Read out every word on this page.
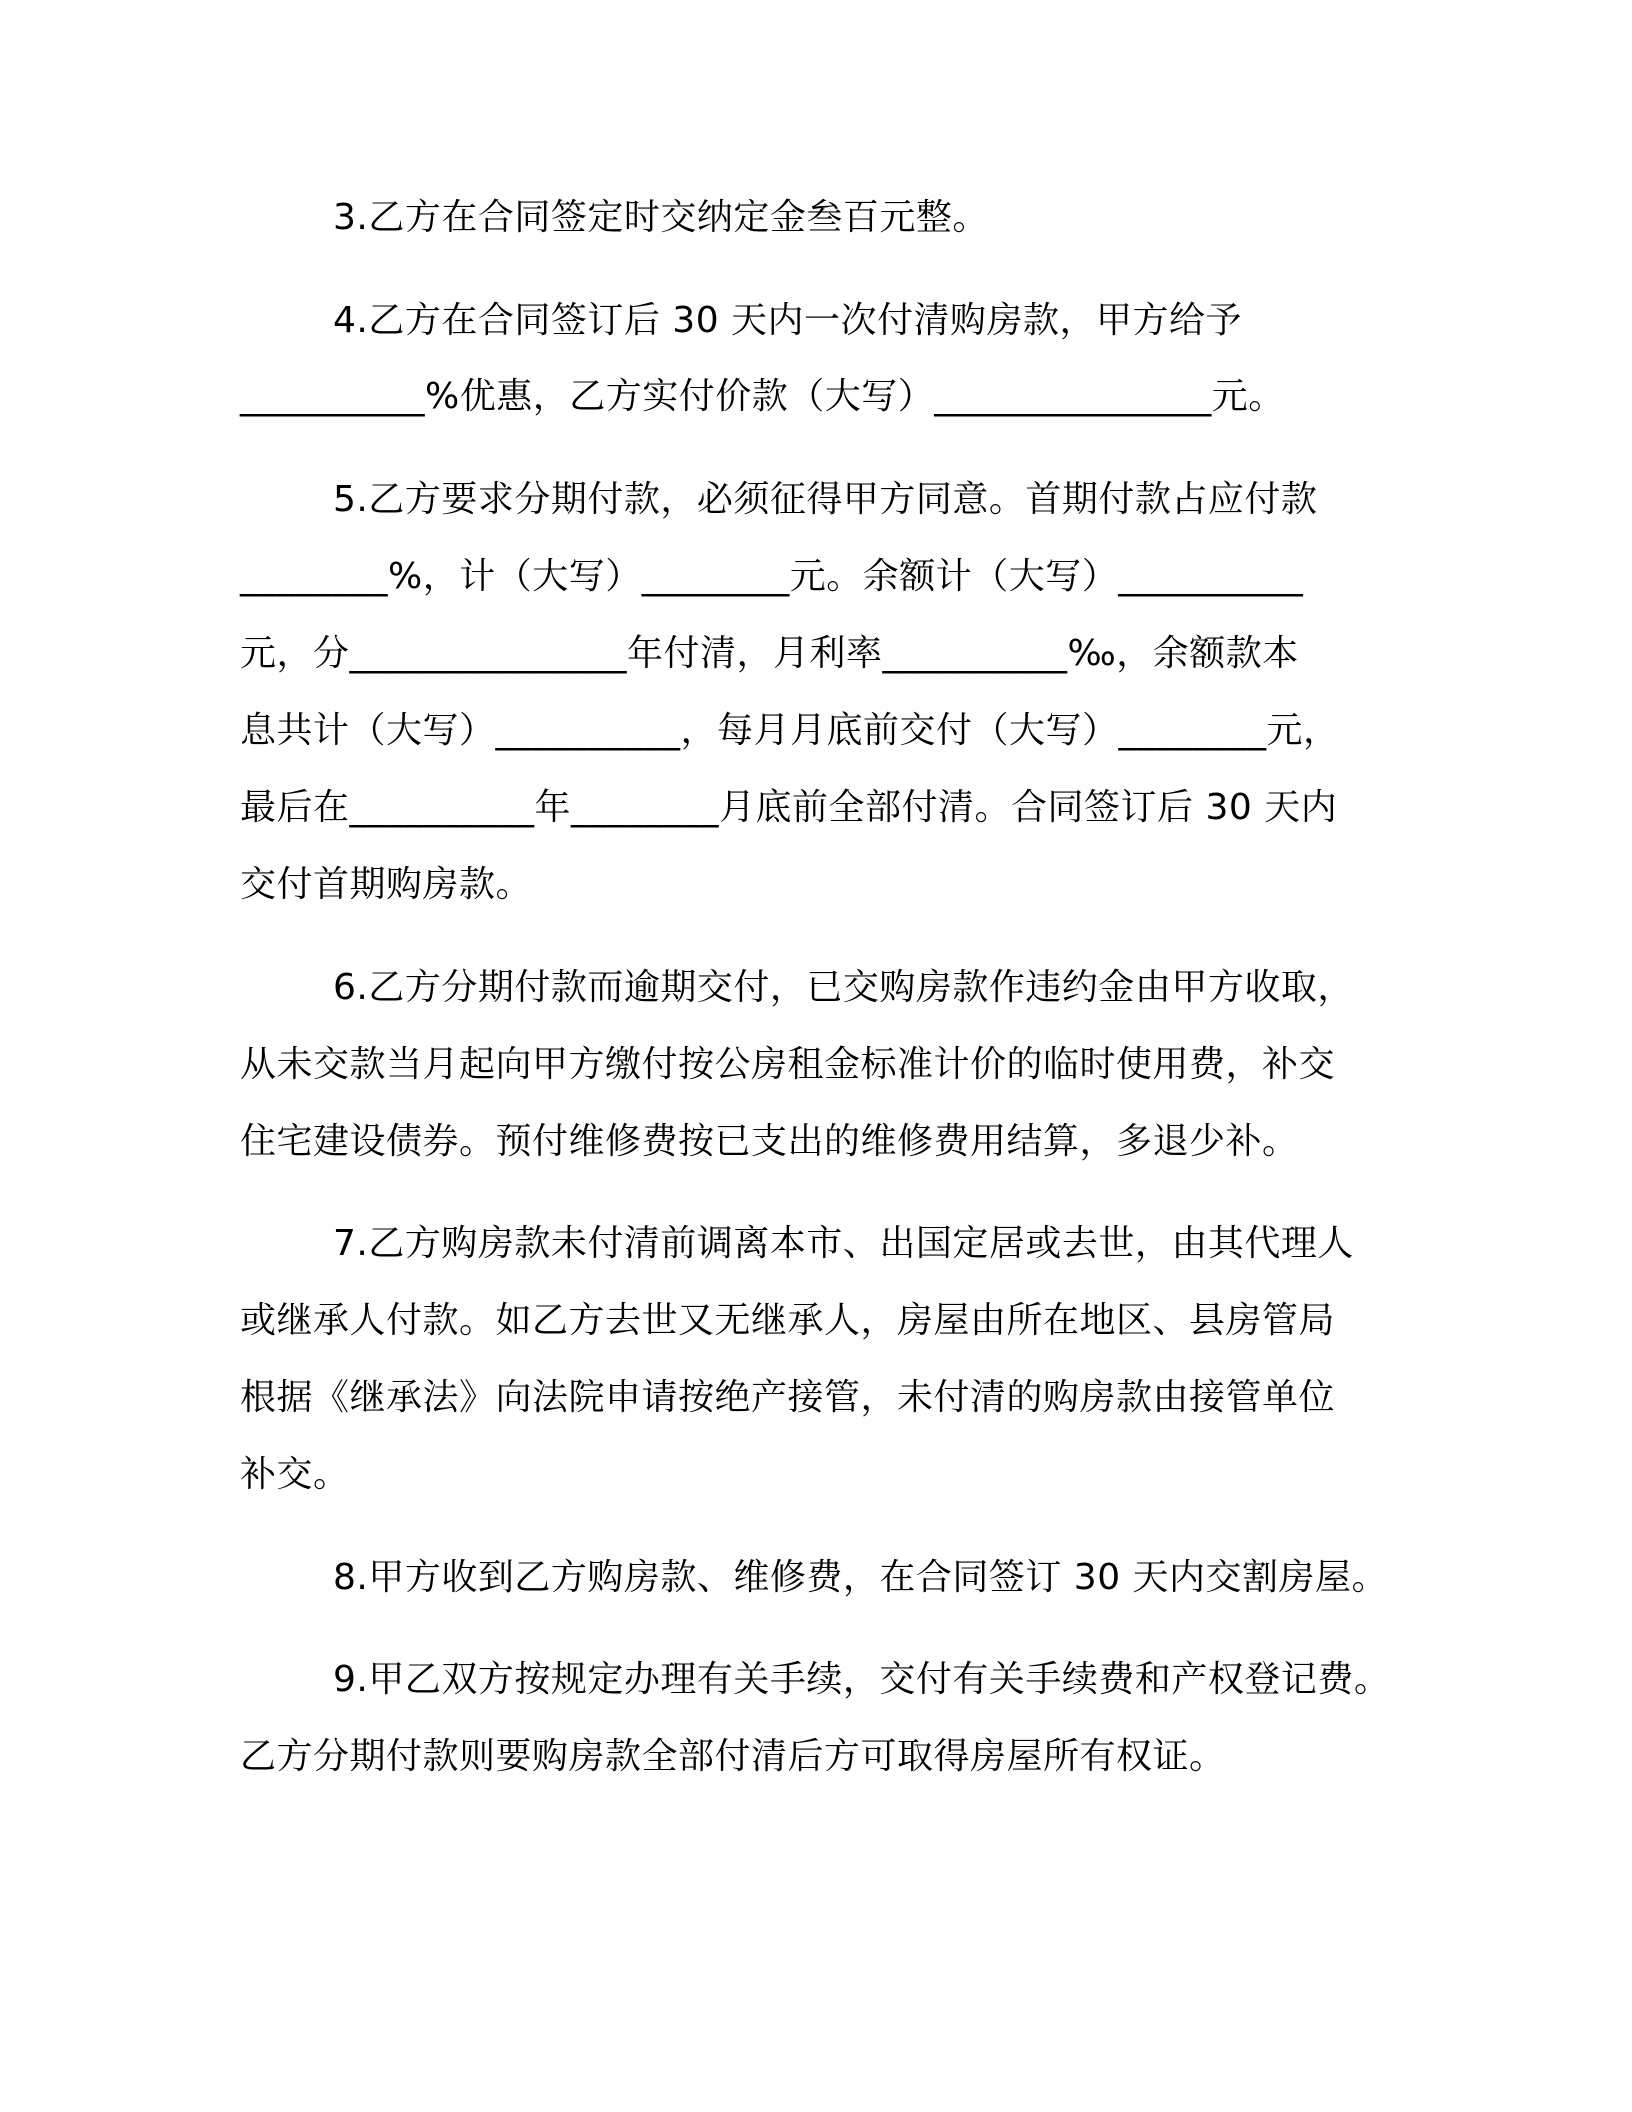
3.乙方在合同签定时交纳定金叁百元整。

4.乙方在合同签订后 30 天内一次付清购房款，甲方给予

__________%优惠，乙方实付价款（大写）_______________元。

5.乙方要求分期付款，必须征得甲方同意。首期付款占应付款

________%，计（大写）________元。余额计（大写）__________

元，分_______________年付清，月利率__________‰，余额款本

息共计（大写）__________，每月月底前交付（大写）________元，

最后在__________年________月底前全部付清。合同签订后 30 天内

交付首期购房款。

6.乙方分期付款而逾期交付，已交购房款作违约金由甲方收取，

从未交款当月起向甲方缴付按公房租金标准计价的临时使用费，补交

住宅建设债券。预付维修费按已支出的维修费用结算，多退少补。

7.乙方购房款未付清前调离本市、出国定居或去世，由其代理人

或继承人付款。如乙方去世又无继承人，房屋由所在地区、县房管局

根据《继承法》向法院申请按绝产接管，未付清的购房款由接管单位

补交。

8.甲方收到乙方购房款、维修费，在合同签订 30 天内交割房屋。

9.甲乙双方按规定办理有关手续，交付有关手续费和产权登记费。

乙方分期付款则要购房款全部付清后方可取得房屋所有权证。
